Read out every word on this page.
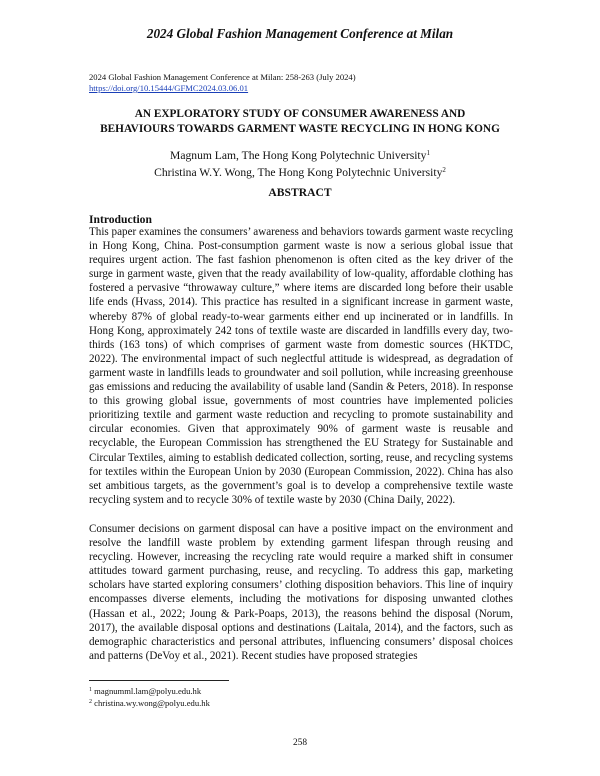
2024 Global Fashion Management Conference at Milan
2024 Global Fashion Management Conference at Milan: 258-263 (July 2024)
https://doi.org/10.15444/GFMC2024.03.06.01
AN EXPLORATORY STUDY OF CONSUMER AWARENESS AND
BEHAVIOURS TOWARDS GARMENT WASTE RECYCLING IN HONG KONG
Magnum Lam, The Hong Kong Polytechnic University$^1$
Christina W.Y. Wong, The Hong Kong Polytechnic University$^2$
ABSTRACT
Introduction

This paper examines the consumers’ awareness and behaviors towards garment waste recycling in Hong Kong, China. Post-consumption garment waste is now a serious global issue that requires urgent action. The fast fashion phenomenon is often cited as the key driver of the surge in garment waste, given that the ready availability of low-quality, affordable clothing has fostered a pervasive “throwaway culture,” where items are discarded long before their usable life ends (Hvass, 2014). This practice has resulted in a significant increase in garment waste, whereby 87% of global ready-to-wear garments either end up incinerated or in landfills. In Hong Kong, approximately 242 tons of textile waste are discarded in landfills every day, two-thirds (163 tons) of which comprises of garment waste from domestic sources (HKTDC, 2022). The environmental impact of such neglectful attitude is widespread, as degradation of garment waste in landfills leads to groundwater and soil pollution, while increasing greenhouse gas emissions and reducing the availability of usable land (Sandin & Peters, 2018). In response to this growing global issue, governments of most countries have implemented policies prioritizing textile and garment waste reduction and recycling to promote sustainability and circular economies. Given that approximately 90% of garment waste is reusable and recyclable, the European Commission has strengthened the EU Strategy for Sustainable and Circular Textiles, aiming to establish dedicated collection, sorting, reuse, and recycling systems for textiles within the European Union by 2030 (European Commission, 2022). China has also set ambitious targets, as the government’s goal is to develop a comprehensive textile waste recycling system and to recycle 30% of textile waste by 2030 (China Daily, 2022).

Consumer decisions on garment disposal can have a positive impact on the environment and resolve the landfill waste problem by extending garment lifespan through reusing and recycling. However, increasing the recycling rate would require a marked shift in consumer attitudes toward garment purchasing, reuse, and recycling. To address this gap, marketing scholars have started exploring consumers’ clothing disposition behaviors. This line of inquiry encompasses diverse elements, including the motivations for disposing unwanted clothes (Hassan et al., 2022; Joung & Park-Poaps, 2013), the reasons behind the disposal (Norum, 2017), the available disposal options and destinations (Laitala, 2014), and the factors, such as demographic characteristics and personal attributes, influencing consumers’ disposal choices and patterns (DeVoy et al., 2021). Recent studies have proposed strategies

$^1$ magnumml.lam@polyu.edu.hk
$^2$ christina.wy.wong@polyu.edu.hk
258
